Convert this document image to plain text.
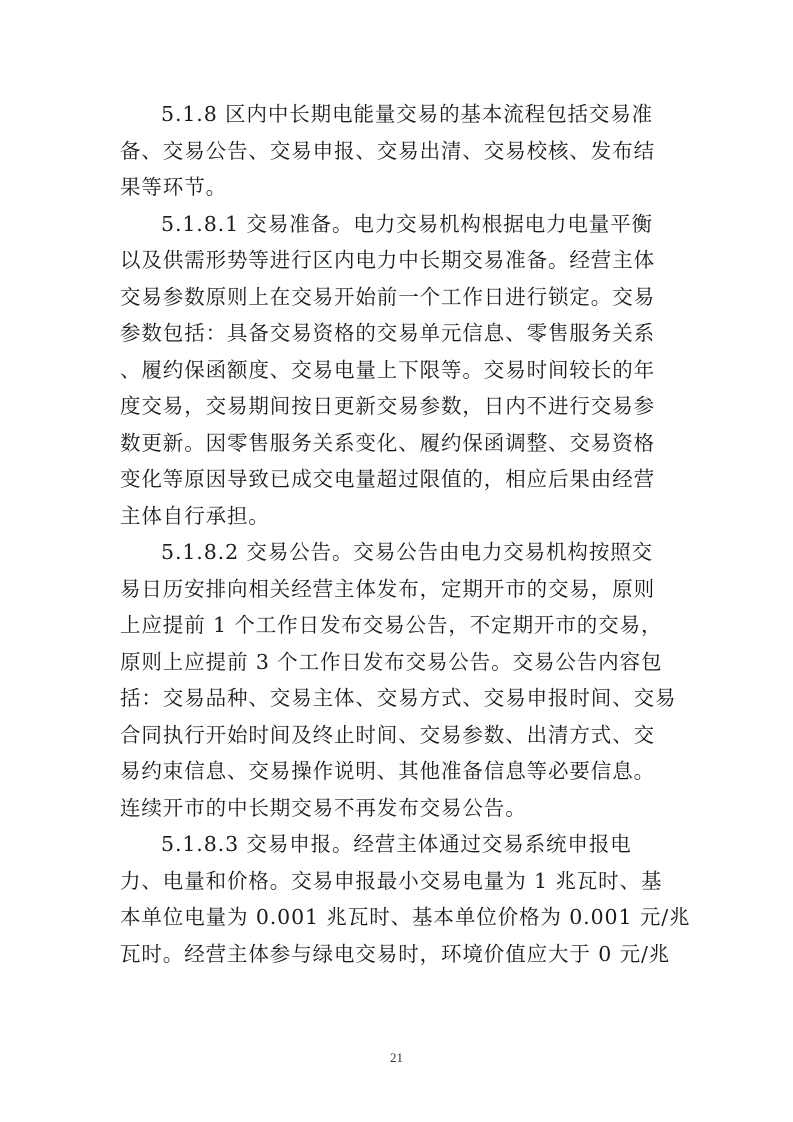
5.1.8 区内中长期电能量交易的基本流程包括交易准
备、交易公告、交易申报、交易出清、交易校核、发布结
果等环节。

5.1.8.1 交易准备。电力交易机构根据电力电量平衡
以及供需形势等进行区内电力中长期交易准备。经营主体
交易参数原则上在交易开始前一个工作日进行锁定。交易
参数包括：具备交易资格的交易单元信息、零售服务关系
、履约保函额度、交易电量上下限等。交易时间较长的年
度交易，交易期间按日更新交易参数，日内不进行交易参
数更新。因零售服务关系变化、履约保函调整、交易资格
变化等原因导致已成交电量超过限值的，相应后果由经营
主体自行承担。

5.1.8.2 交易公告。交易公告由电力交易机构按照交
易日历安排向相关经营主体发布，定期开市的交易，原则
上应提前 1 个工作日发布交易公告，不定期开市的交易，
原则上应提前 3 个工作日发布交易公告。交易公告内容包
括：交易品种、交易主体、交易方式、交易申报时间、交易
合同执行开始时间及终止时间、交易参数、出清方式、交
易约束信息、交易操作说明、其他准备信息等必要信息。
连续开市的中长期交易不再发布交易公告。

5.1.8.3 交易申报。经营主体通过交易系统申报电
力、电量和价格。交易申报最小交易电量为 1 兆瓦时、基
本单位电量为 0.001 兆瓦时、基本单位价格为 0.001 元/兆
瓦时。经营主体参与绿电交易时，环境价值应大于 0 元/兆

21
